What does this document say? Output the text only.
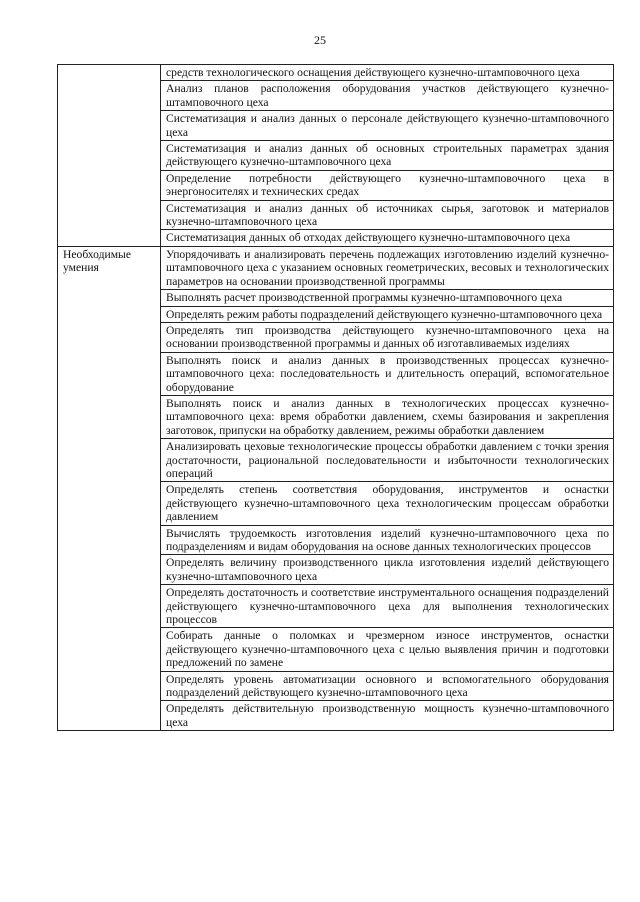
25
	средств технологического оснащения действующего кузнечно-штамповочного цеха
	Анализ планов расположения оборудования участков действующего кузнечно-штамповочного цеха
	Систематизация и анализ данных о персонале действующего кузнечно-штамповочного цеха
	Систематизация и анализ данных об основных строительных параметрах здания действующего кузнечно-штамповочного цеха
	Определение потребности действующего кузнечно-штамповочного цеха в энергоносителях и технических средах
	Систематизация и анализ данных об источниках сырья, заготовок и материалов кузнечно-штамповочного цеха
	Систематизация данных об отходах действующего кузнечно-штамповочного цеха
Необходимые умения	Упорядочивать и анализировать перечень подлежащих изготовлению изделий кузнечно-штамповочного цеха с указанием основных геометрических, весовых и технологических параметров на основании производственной программы
	Выполнять расчет производственной программы кузнечно-штамповочного цеха
	Определять режим работы подразделений действующего кузнечно-штамповочного цеха
	Определять тип производства действующего кузнечно-штамповочного цеха на основании производственной программы и данных об изготавливаемых изделиях
	Выполнять поиск и анализ данных в производственных процессах кузнечно-штамповочного цеха: последовательность и длительность операций, вспомогательное оборудование
	Выполнять поиск и анализ данных в технологических процессах кузнечно-штамповочного цеха: время обработки давлением, схемы базирования и закрепления заготовок, припуски на обработку давлением, режимы обработки давлением
	Анализировать цеховые технологические процессы обработки давлением с точки зрения достаточности, рациональной последовательности и избыточности технологических операций
	Определять степень соответствия оборудования, инструментов и оснастки действующего кузнечно-штамповочного цеха технологическим процессам обработки давлением
	Вычислять трудоемкость изготовления изделий кузнечно-штамповочного цеха по подразделениям и видам оборудования на основе данных технологических процессов
	Определять величину производственного цикла изготовления изделий действующего кузнечно-штамповочного цеха
	Определять достаточность и соответствие инструментального оснащения подразделений действующего кузнечно-штамповочного цеха для выполнения технологических процессов
	Собирать данные о поломках и чрезмерном износе инструментов, оснастки действующего кузнечно-штамповочного цеха с целью выявления причин и подготовки предложений по замене
	Определять уровень автоматизации основного и вспомогательного оборудования подразделений действующего кузнечно-штамповочного цеха
	Определять действительную производственную мощность кузнечно-штамповочного цеха
